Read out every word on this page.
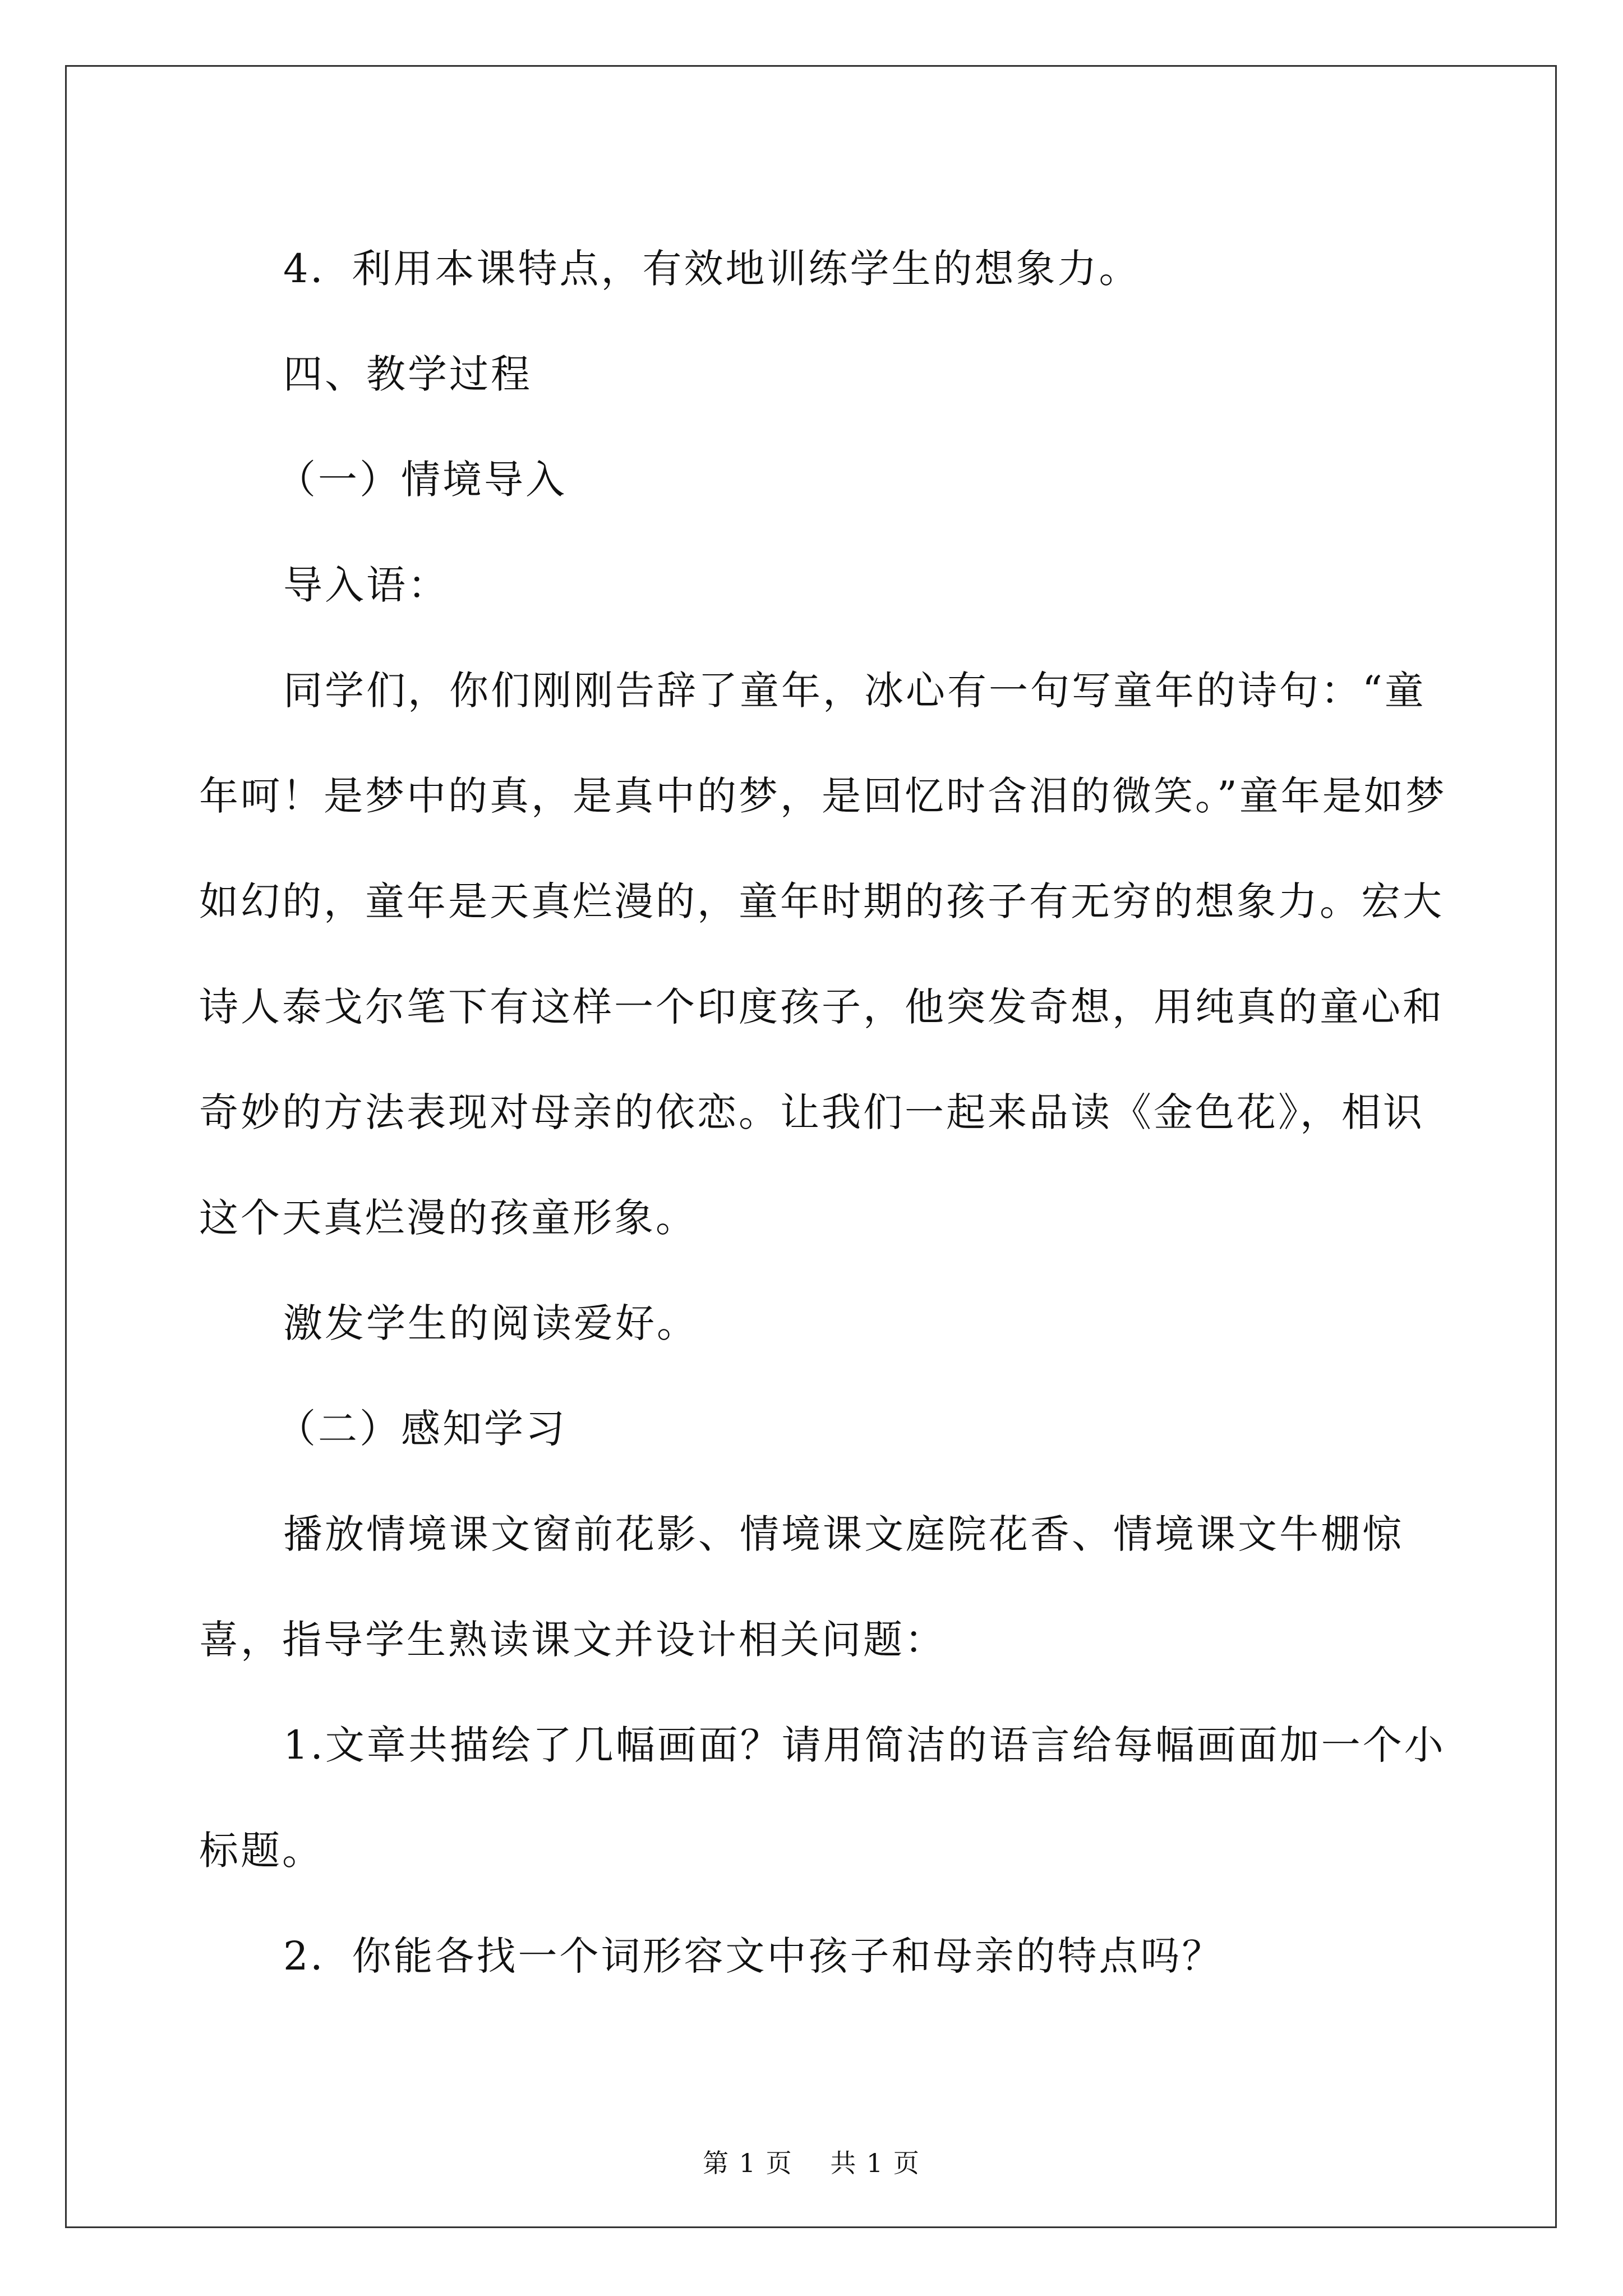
4．利用本课特点，有效地训练学生的想象力。

四、教学过程

（一）情境导入

导入语：

同学们，你们刚刚告辞了童年，冰心有一句写童年的诗句：“童年呵！是梦中的真，是真中的梦，是回忆时含泪的微笑。”童年是如梦如幻的，童年是天真烂漫的，童年时期的孩子有无穷的想象力。宏大诗人泰戈尔笔下有这样一个印度孩子，他突发奇想，用纯真的童心和奇妙的方法表现对母亲的依恋。让我们一起来品读《金色花》，相识这个天真烂漫的孩童形象。

激发学生的阅读爱好。

（二）感知学习

播放情境课文窗前花影、情境课文庭院花香、情境课文牛棚惊喜，指导学生熟读课文并设计相关问题：

1.文章共描绘了几幅画面？请用简洁的语言给每幅画面加一个小标题。

2．你能各找一个词形容文中孩子和母亲的特点吗？

第 1 页 共 1 页
